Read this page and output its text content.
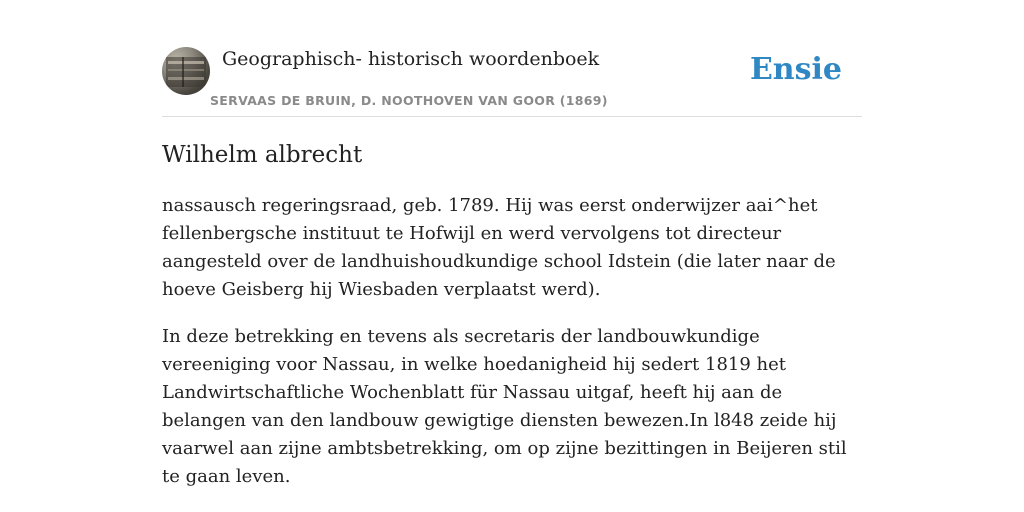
Geographisch- historisch woordenboek
SERVAAS DE BRUIN, D. NOOTHOVEN VAN GOOR (1869)
Ensie
Wilhelm albrecht

nassausch regeringsraad, geb. 1789. Hij was eerst onderwijzer aai^het fellenbergsche instituut te Hofwijl en werd vervolgens tot directeur aangesteld over de landhuishoudkundige school Idstein (die later naar de hoeve Geisberg hij Wiesbaden verplaatst werd).

In deze betrekking en tevens als secretaris der landbouwkundige vereeniging voor Nassau, in welke hoedanigheid hij sedert 1819 het Landwirtschaftliche Wochenblatt für Nassau uitgaf, heeft hij aan de belangen van den landbouw gewigtige diensten bewezen.In l848 zeide hij vaarwel aan zijne ambtsbetrekking, om op zijne bezittingen in Beijeren stil te gaan leven.
